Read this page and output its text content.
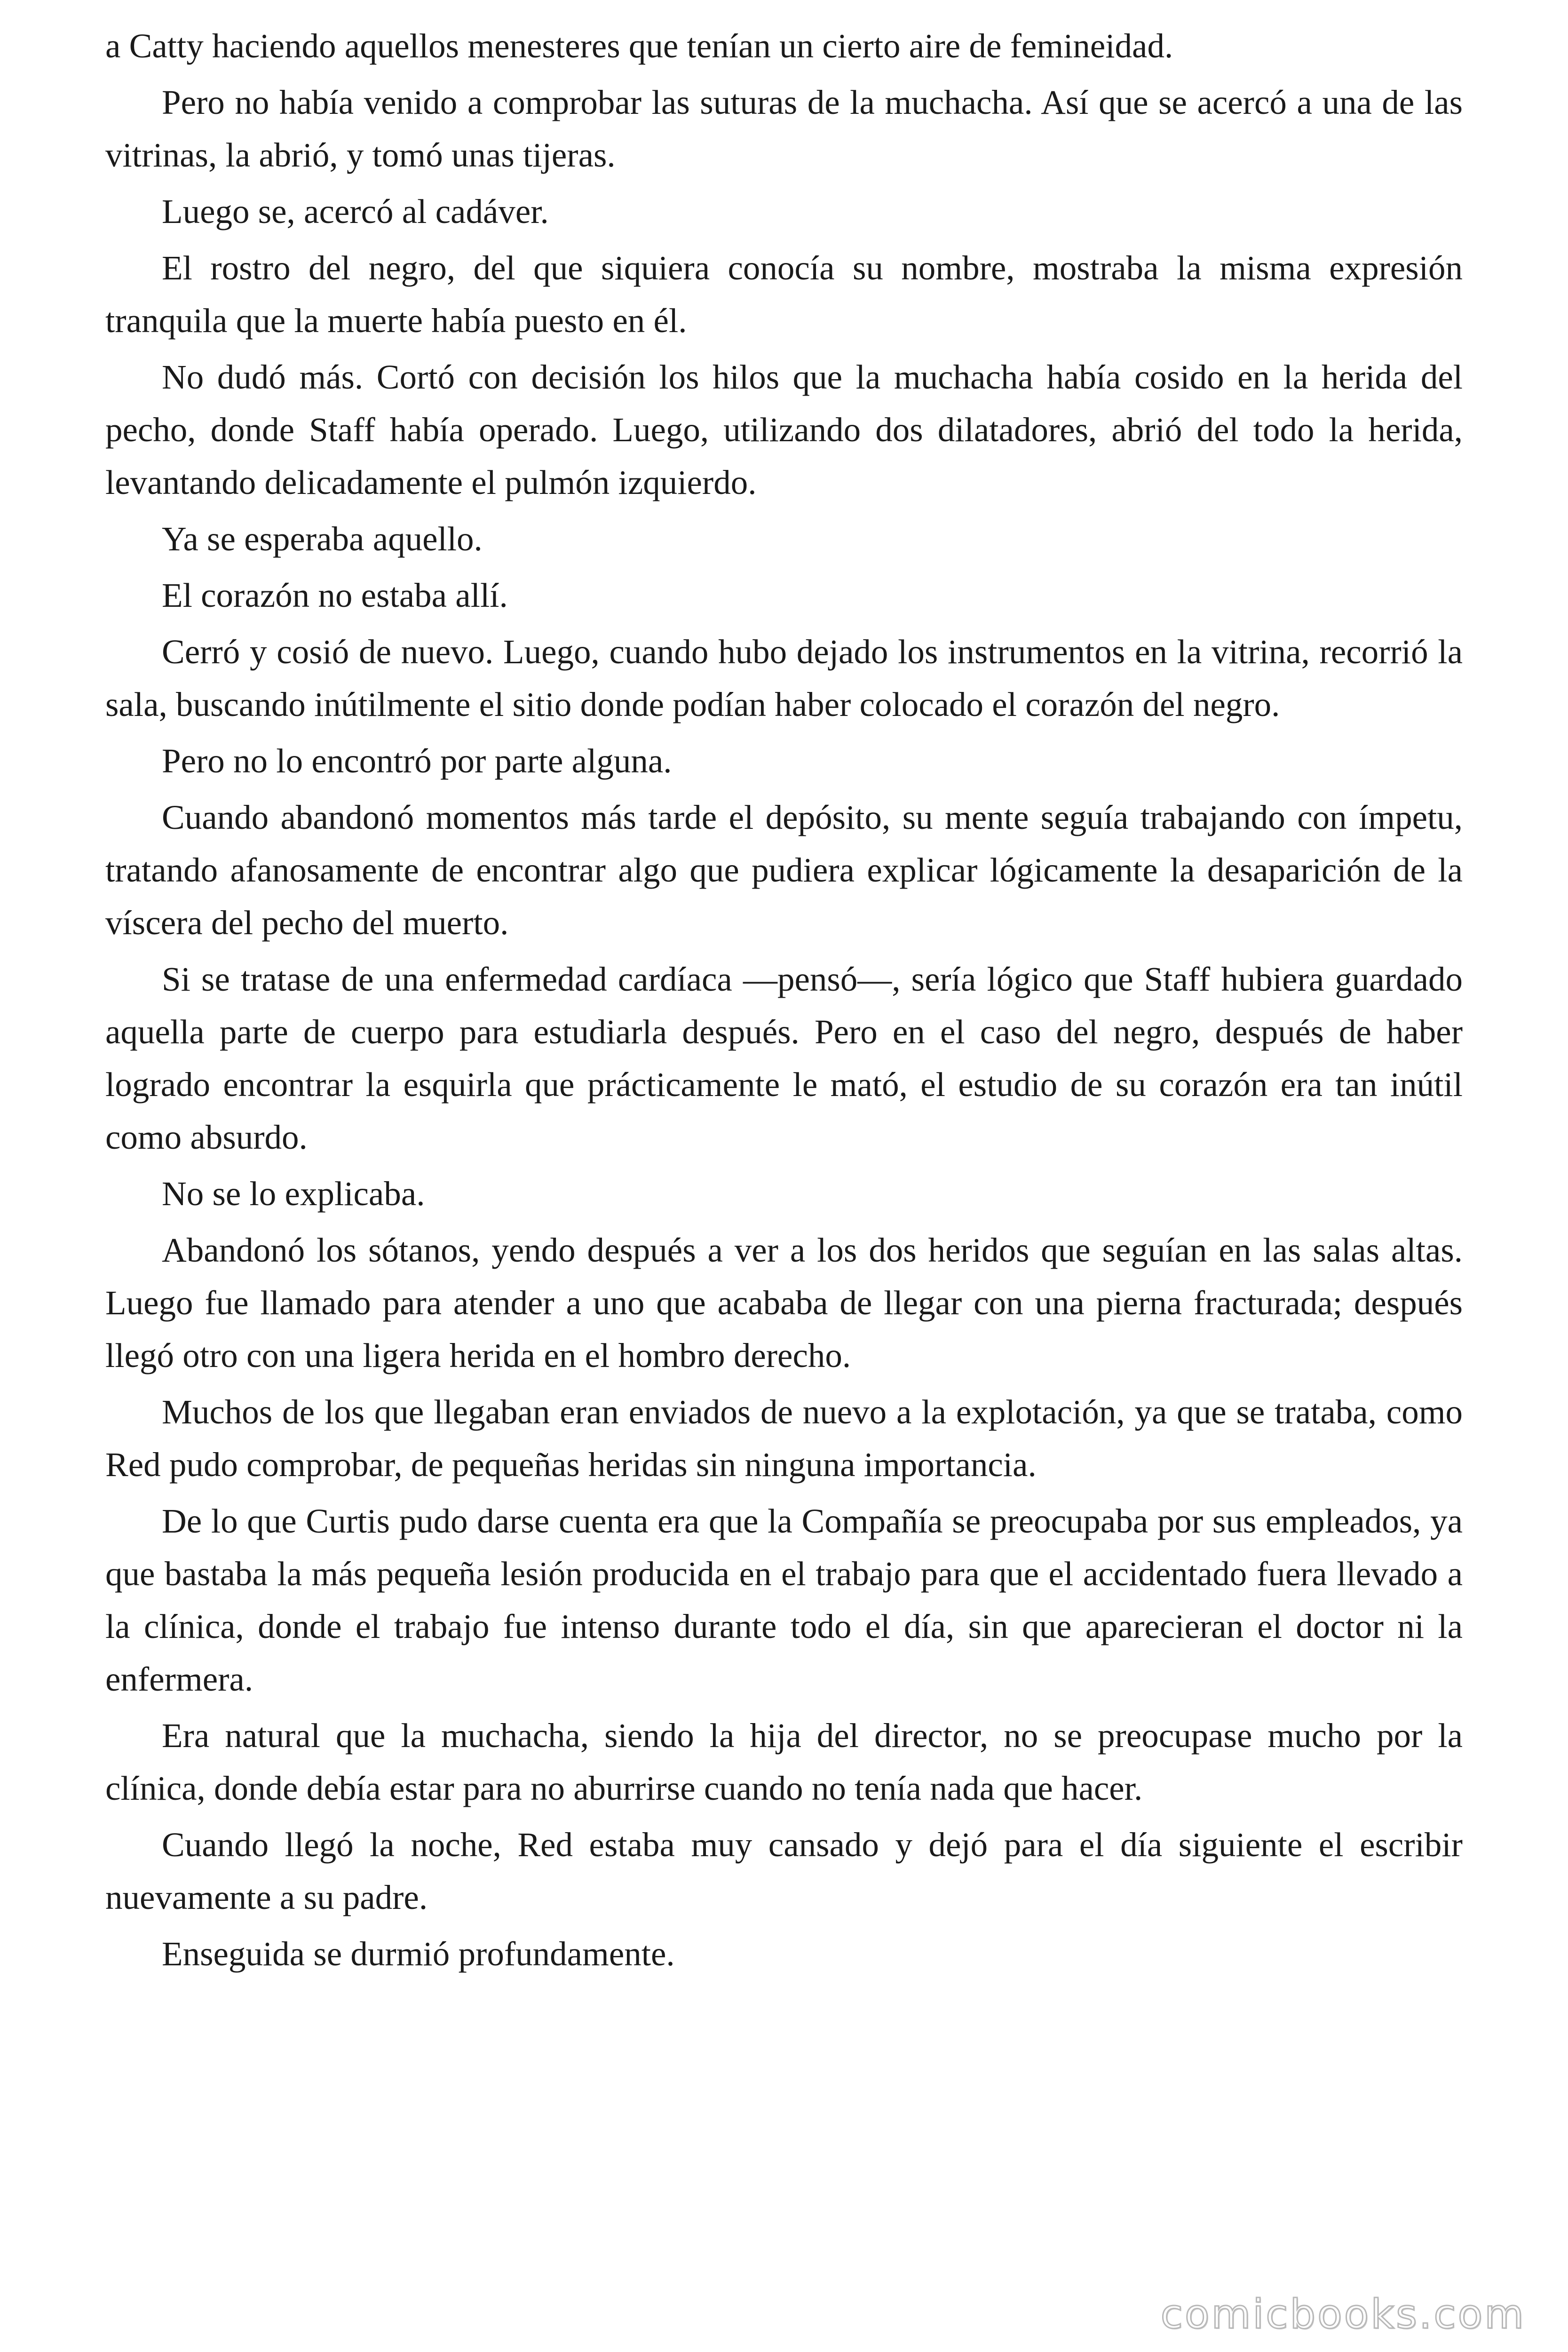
a Catty haciendo aquellos menesteres que tenían un cierto aire de femineidad.

Pero no había venido a comprobar las suturas de la muchacha. Así que se acercó a una de las vitrinas, la abrió, y tomó unas tijeras.

Luego se, acercó al cadáver.

El rostro del negro, del que siquiera conocía su nombre, mostraba la misma expresión tranquila que la muerte había puesto en él.

No dudó más. Cortó con decisión los hilos que la muchacha había cosido en la herida del pecho, donde Staff había operado. Luego, utilizando dos dilatadores, abrió del todo la herida, levantando delicadamente el pulmón izquierdo.

Ya se esperaba aquello.

El corazón no estaba allí.

Cerró y cosió de nuevo. Luego, cuando hubo dejado los instrumentos en la vitrina, recorrió la sala, buscando inútilmente el sitio donde podían haber colocado el corazón del negro.

Pero no lo encontró por parte alguna.

Cuando abandonó momentos más tarde el depósito, su mente seguía trabajando con ímpetu, tratando afanosamente de encontrar algo que pudiera explicar lógicamente la desaparición de la víscera del pecho del muerto.

Si se tratase de una enfermedad cardíaca —pensó—, sería lógico que Staff hubiera guardado aquella parte de cuerpo para estudiarla después. Pero en el caso del negro, después de haber logrado encontrar la esquirla que prácticamente le mató, el estudio de su corazón era tan inútil como absurdo.

No se lo explicaba.

Abandonó los sótanos, yendo después a ver a los dos heridos que seguían en las salas altas. Luego fue llamado para atender a uno que acababa de llegar con una pierna fracturada; después llegó otro con una ligera herida en el hombro derecho.

Muchos de los que llegaban eran enviados de nuevo a la explotación, ya que se trataba, como Red pudo comprobar, de pequeñas heridas sin ninguna importancia.

De lo que Curtis pudo darse cuenta era que la Compañía se preocupaba por sus empleados, ya que bastaba la más pequeña lesión producida en el trabajo para que el accidentado fuera llevado a la clínica, donde el trabajo fue intenso durante todo el día, sin que aparecieran el doctor ni la enfermera.

Era natural que la muchacha, siendo la hija del director, no se preocupase mucho por la clínica, donde debía estar para no aburrirse cuando no tenía nada que hacer.

Cuando llegó la noche, Red estaba muy cansado y dejó para el día siguiente el escribir nuevamente a su padre.

Enseguida se durmió profundamente.

comicbooks.com
